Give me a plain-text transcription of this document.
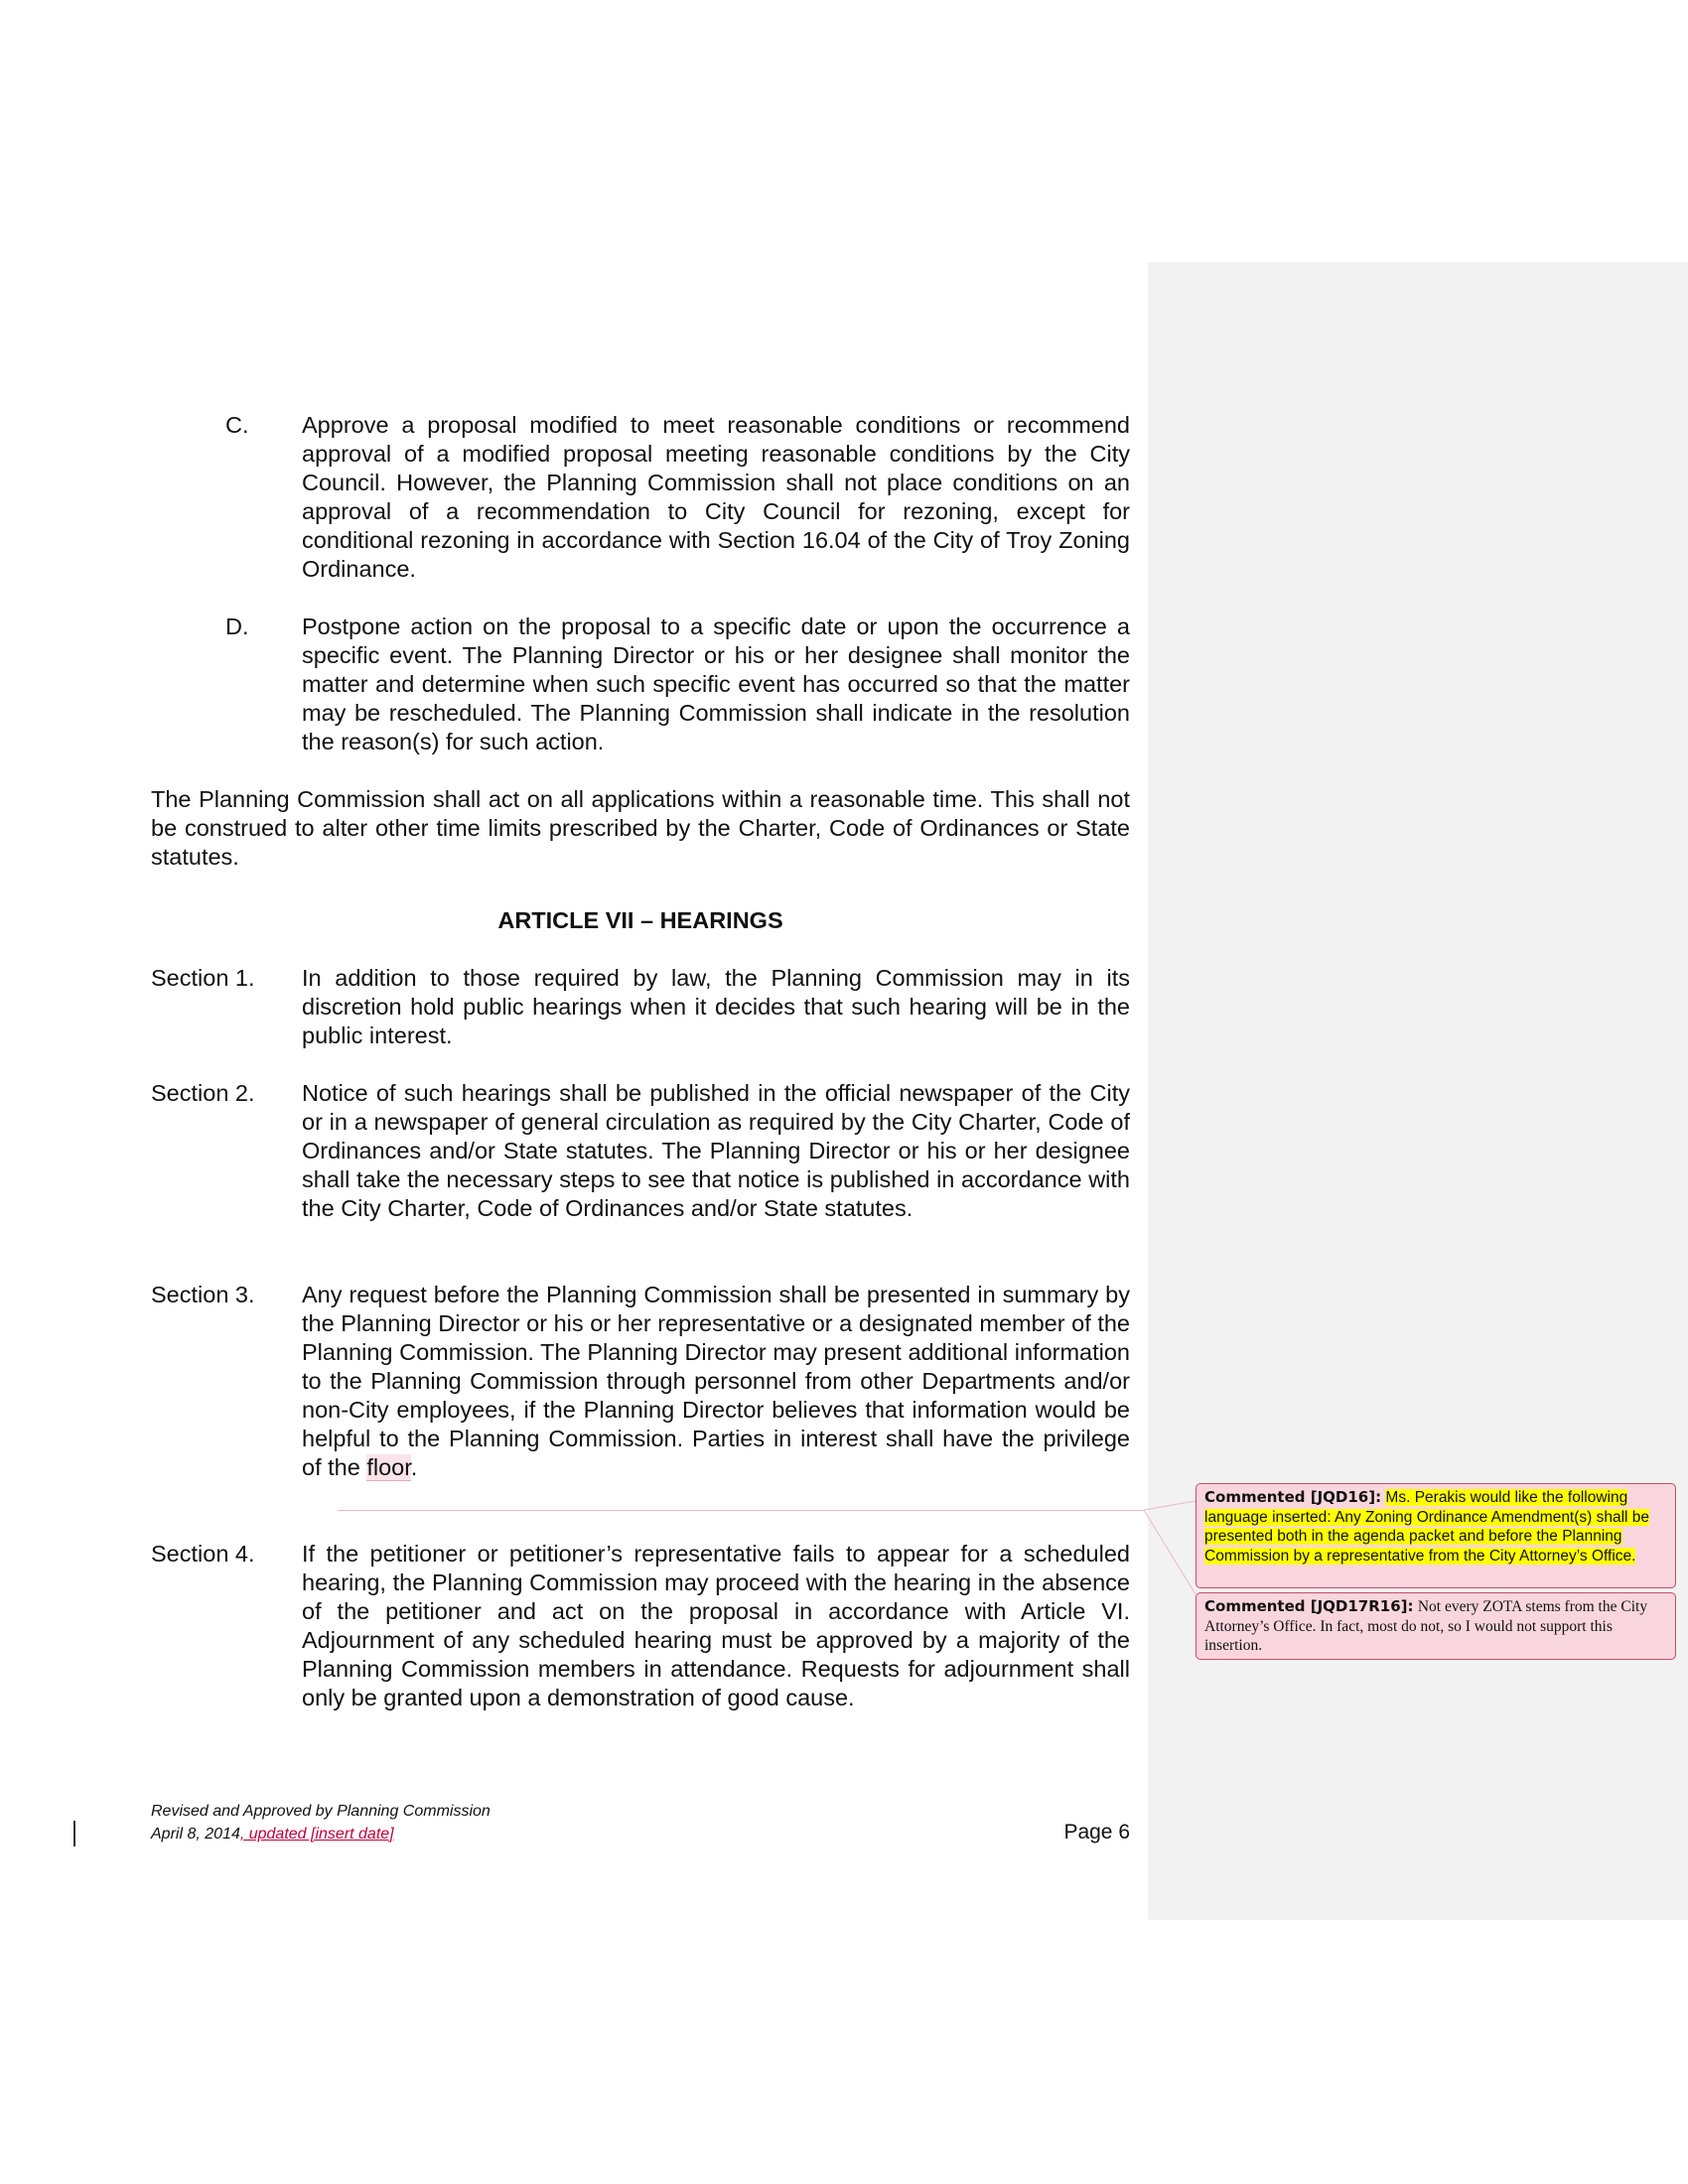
C. Approve a proposal modified to meet reasonable conditions or recommend approval of a modified proposal meeting reasonable conditions by the City Council. However, the Planning Commission shall not place conditions on an approval of a recommendation to City Council for rezoning, except for conditional rezoning in accordance with Section 16.04 of the City of Troy Zoning Ordinance.
D. Postpone action on the proposal to a specific date or upon the occurrence a specific event. The Planning Director or his or her designee shall monitor the matter and determine when such specific event has occurred so that the matter may be rescheduled. The Planning Commission shall indicate in the resolution the reason(s) for such action.
The Planning Commission shall act on all applications within a reasonable time. This shall not be construed to alter other time limits prescribed by the Charter, Code of Ordinances or State statutes.
ARTICLE VII – HEARINGS
Section 1. In addition to those required by law, the Planning Commission may in its discretion hold public hearings when it decides that such hearing will be in the public interest.
Section 2. Notice of such hearings shall be published in the official newspaper of the City or in a newspaper of general circulation as required by the City Charter, Code of Ordinances and/or State statutes. The Planning Director or his or her designee shall take the necessary steps to see that notice is published in accordance with the City Charter, Code of Ordinances and/or State statutes.
Section 3. Any request before the Planning Commission shall be presented in summary by the Planning Director or his or her representative or a designated member of the Planning Commission. The Planning Director may present additional information to the Planning Commission through personnel from other Departments and/or non-City employees, if the Planning Director believes that information would be helpful to the Planning Commission. Parties in interest shall have the privilege of the floor.
Section 4. If the petitioner or petitioner’s representative fails to appear for a scheduled hearing, the Planning Commission may proceed with the hearing in the absence of the petitioner and act on the proposal in accordance with Article VI. Adjournment of any scheduled hearing must be approved by a majority of the Planning Commission members in attendance. Requests for adjournment shall only be granted upon a demonstration of good cause.

Commented [JQD16]: Ms. Perakis would like the following language inserted: Any Zoning Ordinance Amendment(s) shall be presented both in the agenda packet and before the Planning Commission by a representative from the City Attorney’s Office.

Commented [JQD17R16]: Not every ZOTA stems from the City Attorney’s Office. In fact, most do not, so I would not support this insertion.

Revised and Approved by Planning Commission
April 8, 2014, updated [insert date]	Page 6
